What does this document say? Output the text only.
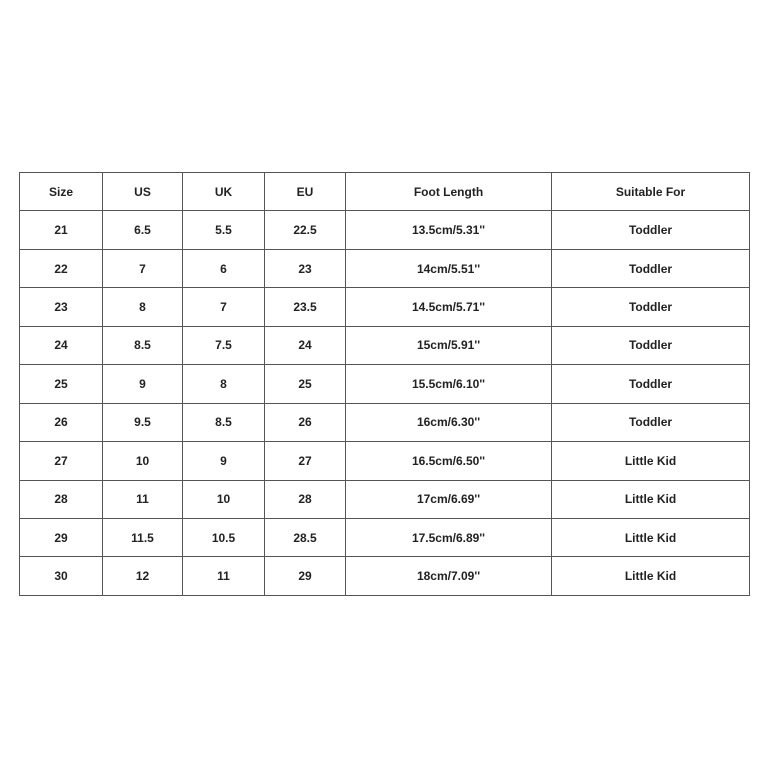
Size	US	UK	EU	Foot Length	Suitable For
21	6.5	5.5	22.5	13.5cm/5.31''	Toddler
22	7	6	23	14cm/5.51''	Toddler
23	8	7	23.5	14.5cm/5.71''	Toddler
24	8.5	7.5	24	15cm/5.91''	Toddler
25	9	8	25	15.5cm/6.10''	Toddler
26	9.5	8.5	26	16cm/6.30''	Toddler
27	10	9	27	16.5cm/6.50''	Little Kid
28	11	10	28	17cm/6.69''	Little Kid
29	11.5	10.5	28.5	17.5cm/6.89''	Little Kid
30	12	11	29	18cm/7.09''	Little Kid
